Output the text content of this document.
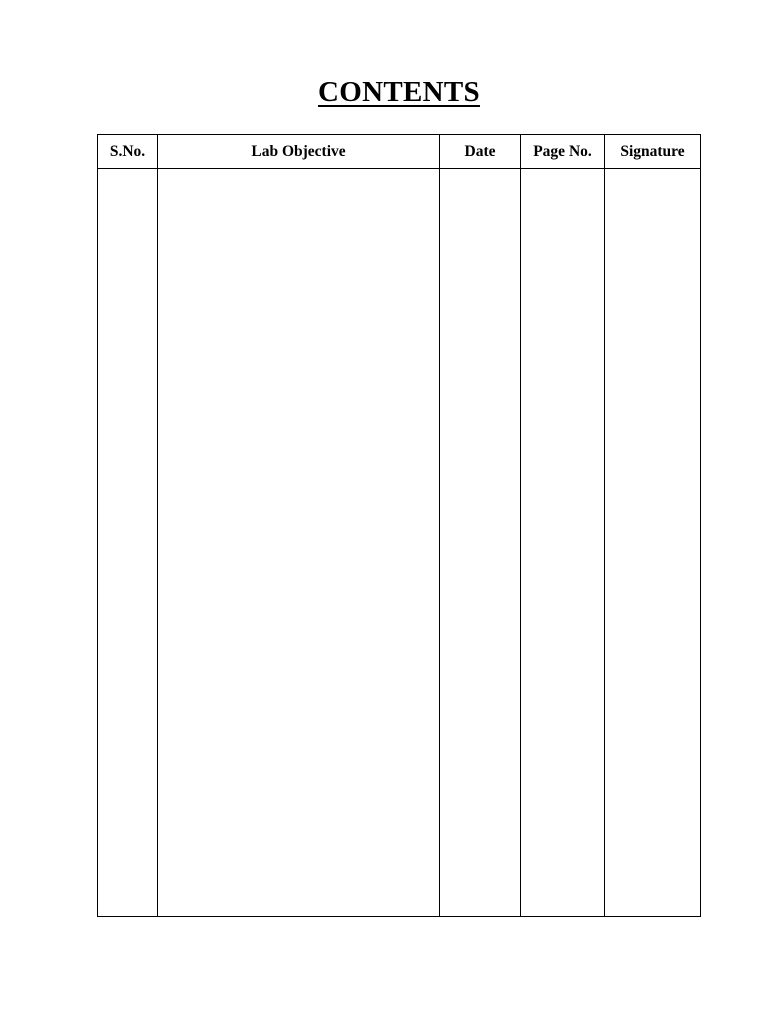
CONTENTS
S.No.	Lab Objective	Date	Page No.	Signature
